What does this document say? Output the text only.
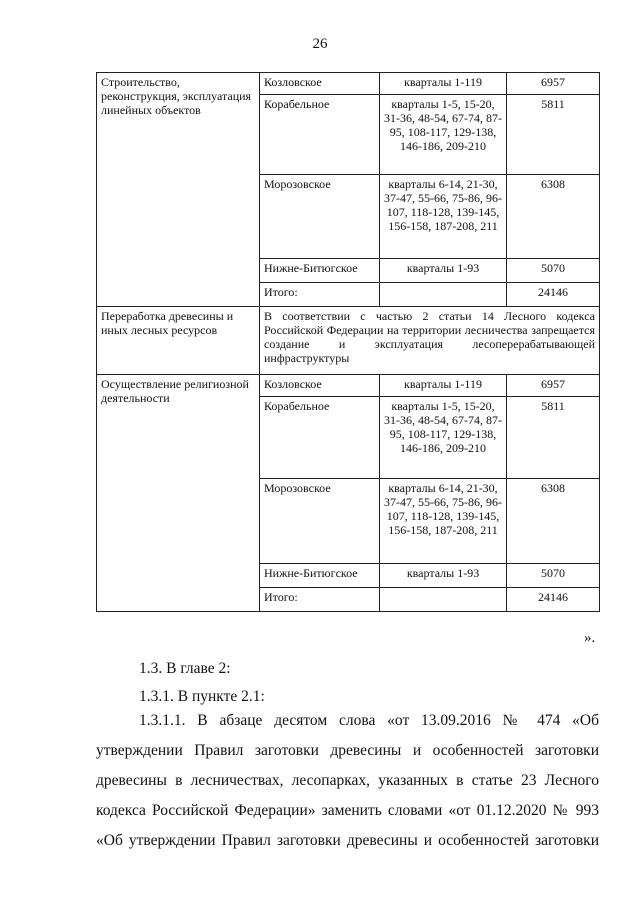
26
Строительство, реконструкция, эксплуатация линейных объектов	Козловское	кварталы 1-119	6957
	Корабельное	кварталы 1-5, 15-20, 31-36, 48-54, 67-74, 87-95, 108-117, 129-138, 146-186, 209-210	5811
	Морозовское	кварталы 6-14, 21-30, 37-47, 55-66, 75-86, 96-107, 118-128, 139-145, 156-158, 187-208, 211	6308
	Нижне-Битюгское	кварталы 1-93	5070
	Итого:		24146
Переработка древесины и иных лесных ресурсов	В соответствии с частью 2 статьи 14 Лесного кодекса Российской Федерации на территории лесничества запрещается создание и эксплуатация лесоперерабатывающей инфраструктуры		
Осуществление религиозной деятельности	Козловское	кварталы 1-119	6957
	Корабельное	кварталы 1-5, 15-20, 31-36, 48-54, 67-74, 87-95, 108-117, 129-138, 146-186, 209-210	5811
	Морозовское	кварталы 6-14, 21-30, 37-47, 55-66, 75-86, 96-107, 118-128, 139-145, 156-158, 187-208, 211	6308
	Нижне-Битюгское	кварталы 1-93	5070
	Итого:		24146
».
1.3. В главе 2:
1.3.1. В пункте 2.1:
1.3.1.1. В абзаце десятом слова «от 13.09.2016 № 474 «Об
утверждении Правил заготовки древесины и особенностей заготовки
древесины в лесничествах, лесопарках, указанных в статье 23 Лесного
кодекса Российской Федерации» заменить словами «от 01.12.2020 № 993
«Об утверждении Правил заготовки древесины и особенностей заготовки
